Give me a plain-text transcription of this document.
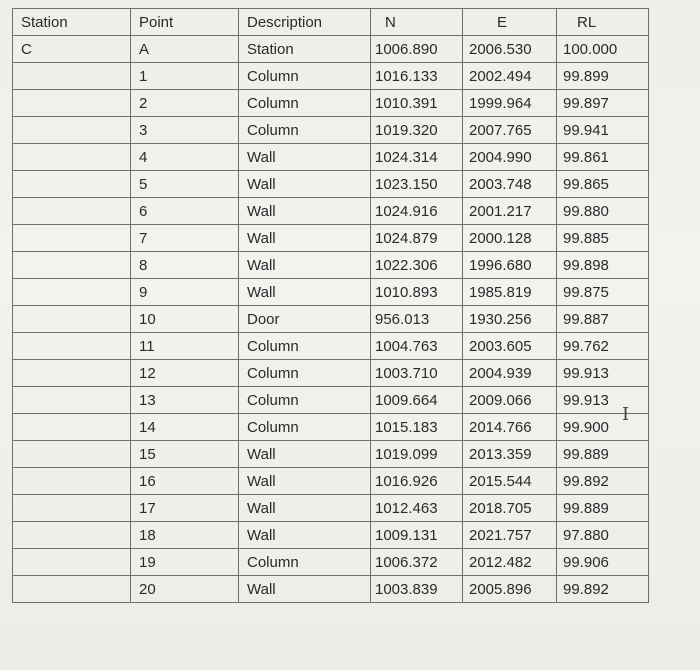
Station	Point	Description	N	E	RL
C	A	Station	1006.890	2006.530	100.000
	1	Column	1016.133	2002.494	99.899
	2	Column	1010.391	1999.964	99.897
	3	Column	1019.320	2007.765	99.941
	4	Wall	1024.314	2004.990	99.861
	5	Wall	1023.150	2003.748	99.865
	6	Wall	1024.916	2001.217	99.880
	7	Wall	1024.879	2000.128	99.885
	8	Wall	1022.306	1996.680	99.898
	9	Wall	1010.893	1985.819	99.875
	10	Door	956.013	1930.256	99.887
	11	Column	1004.763	2003.605	99.762
	12	Column	1003.710	2004.939	99.913
	13	Column	1009.664	2009.066	99.913
	14	Column	1015.183	2014.766	99.900
	15	Wall	1019.099	2013.359	99.889
	16	Wall	1016.926	2015.544	99.892
	17	Wall	1012.463	2018.705	99.889
	18	Wall	1009.131	2021.757	97.880
	19	Column	1006.372	2012.482	99.906
	20	Wall	1003.839	2005.896	99.892
I
